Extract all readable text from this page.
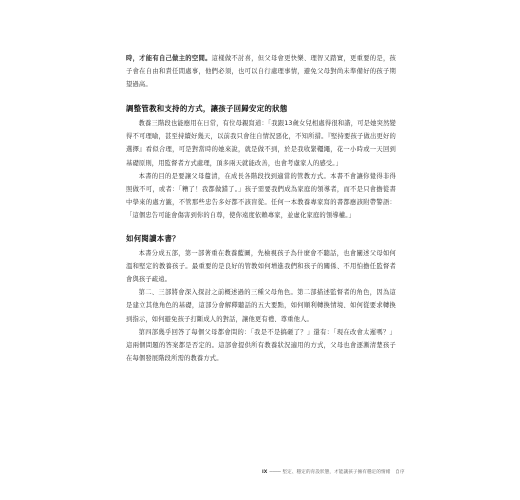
時，才能有自己做主的空間。這樣做不討喜，但父母會更快樂、理智又踏實，更重要的是，孩子會在自由和責任間處事，他們必須，也可以自行處理事情，避免父母對尚未準備好的孩子期望過高。

調整管教和支持的方式，讓孩子回歸安定的狀態

教養三階段也能應用在日常，有位母親寫道：「我跟13歲女兒相處得很和諧，可是她突然變得不可理喻，甚至持續好幾天，以前我只會往自情況惡化，不知所措。『堅持要孩子做出更好的選擇』看似合理，可是對當時的她來說，就是做不到，於是我收緊韁繩，花一小時或一天回到基礎原則，用監督者方式處理，頂多兩天就能改善，也會考慮家人的感受。」

本書的目的是要讓父母釐清，在成長各階段找到適當的管教方式。本書不會讓你覺得非得照做不可，或者：「糟了！我都做錯了。」孩子需要我們成為家庭的領導者，而不是只會擔從書中學來的處方籤，不管那些忠告多好都不該盲從。任何一本教養專家寫的書都應該附帶警語：「這個忠告可能會傷害到你的自尊，使你遠度依賴專家，並虛化家庭的領導權。」

如何閱讀本書？

本書分成五部，第一部著重在教養藍圖，先檢視孩子為什麼會不聽話，也會闡述父母如何溫和堅定的教養孩子。最重要的是良好的管教如何增進我們和孩子的關係、不用怕擔任監督者會與孩子疏遠。

第二、三部將會深入探討之前概述過的三種父母角色。第二部描述監督者的角色，因為這是建立其他角色的基礎，這部分會解釋聽話的五大要點，如何順利轉換情境、如何從要求轉換到指示，如何避免孩子打斷成人的對話，讓他更有禮、尊重他人。

第四部幾乎回答了每個父母都會問的：「我是不是搞砸了？」還有：「現在改會太遲嗎？」這兩個問題的答案都是否定的。這部會提供所有教養狀況適用的方式，父母也會逐漸清楚孩子在每個發展階段所需的教養方式。

IX ──── 堅定、穩定的育設狀態，才能讓孩子擁有穩定的情緒　自序
